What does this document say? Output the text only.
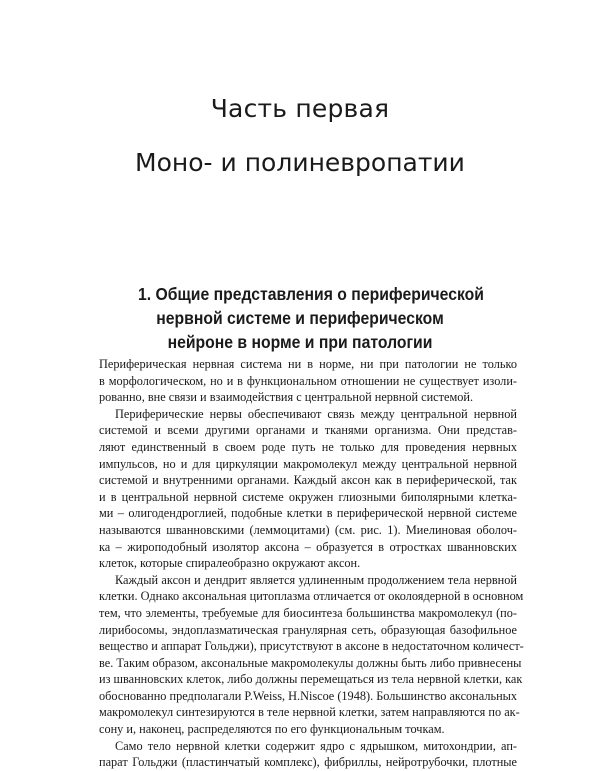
Часть первая
Моно- и полиневропатии
1. Общие представления о периферической
нервной системе и периферическом
нейроне в норме и при патологии

Периферическая нервная система ни в норме, ни при патологии не только
в морфологическом, но и в функциональном отношении не существует изоли-
рованно, вне связи и взаимодействия с центральной нервной системой.

Периферические нервы обеспечивают связь между центральной нервной
системой и всеми другими органами и тканями организма. Они представ-
ляют единственный в своем роде путь не только для проведения нервных
импульсов, но и для циркуляции макромолекул между центральной нервной
системой и внутренними органами. Каждый аксон как в периферической, так
и в центральной нервной системе окружен глиозными биполярными клетка-
ми – олигодендроглией, подобные клетки в периферической нервной системе
называются шванновскими (леммоцитами) (см. рис. 1). Миелиновая оболоч-
ка – жироподобный изолятор аксона – образуется в отростках шванновских
клеток, которые спиралеобразно окружают аксон.

Каждый аксон и дендрит является удлиненным продолжением тела нервной
клетки. Однако аксональная цитоплазма отличается от околоядерной в основном
тем, что элементы, требуемые для биосинтеза большинства макромолекул (по-
лирибосомы, эндоплазматическая гранулярная сеть, образующая базофильное
вещество и аппарат Гольджи), присутствуют в аксоне в недостаточном количест-
ве. Таким образом, аксональные макромолекулы должны быть либо привнесены
из шванновских клеток, либо должны перемещаться из тела нервной клетки, как
обоснованно предполагали P.Weiss, H.Niscoe (1948). Большинство аксональных
макромолекул синтезируются в теле нервной клетки, затем направляются по ак-
сону и, наконец, распределяются по его функциональным точкам.

Само тело нервной клетки содержит ядро с ядрышком, митохондрии, ап-
парат Гольджи (пластинчатый комплекс), фибриллы, нейротрубочки, плотные
